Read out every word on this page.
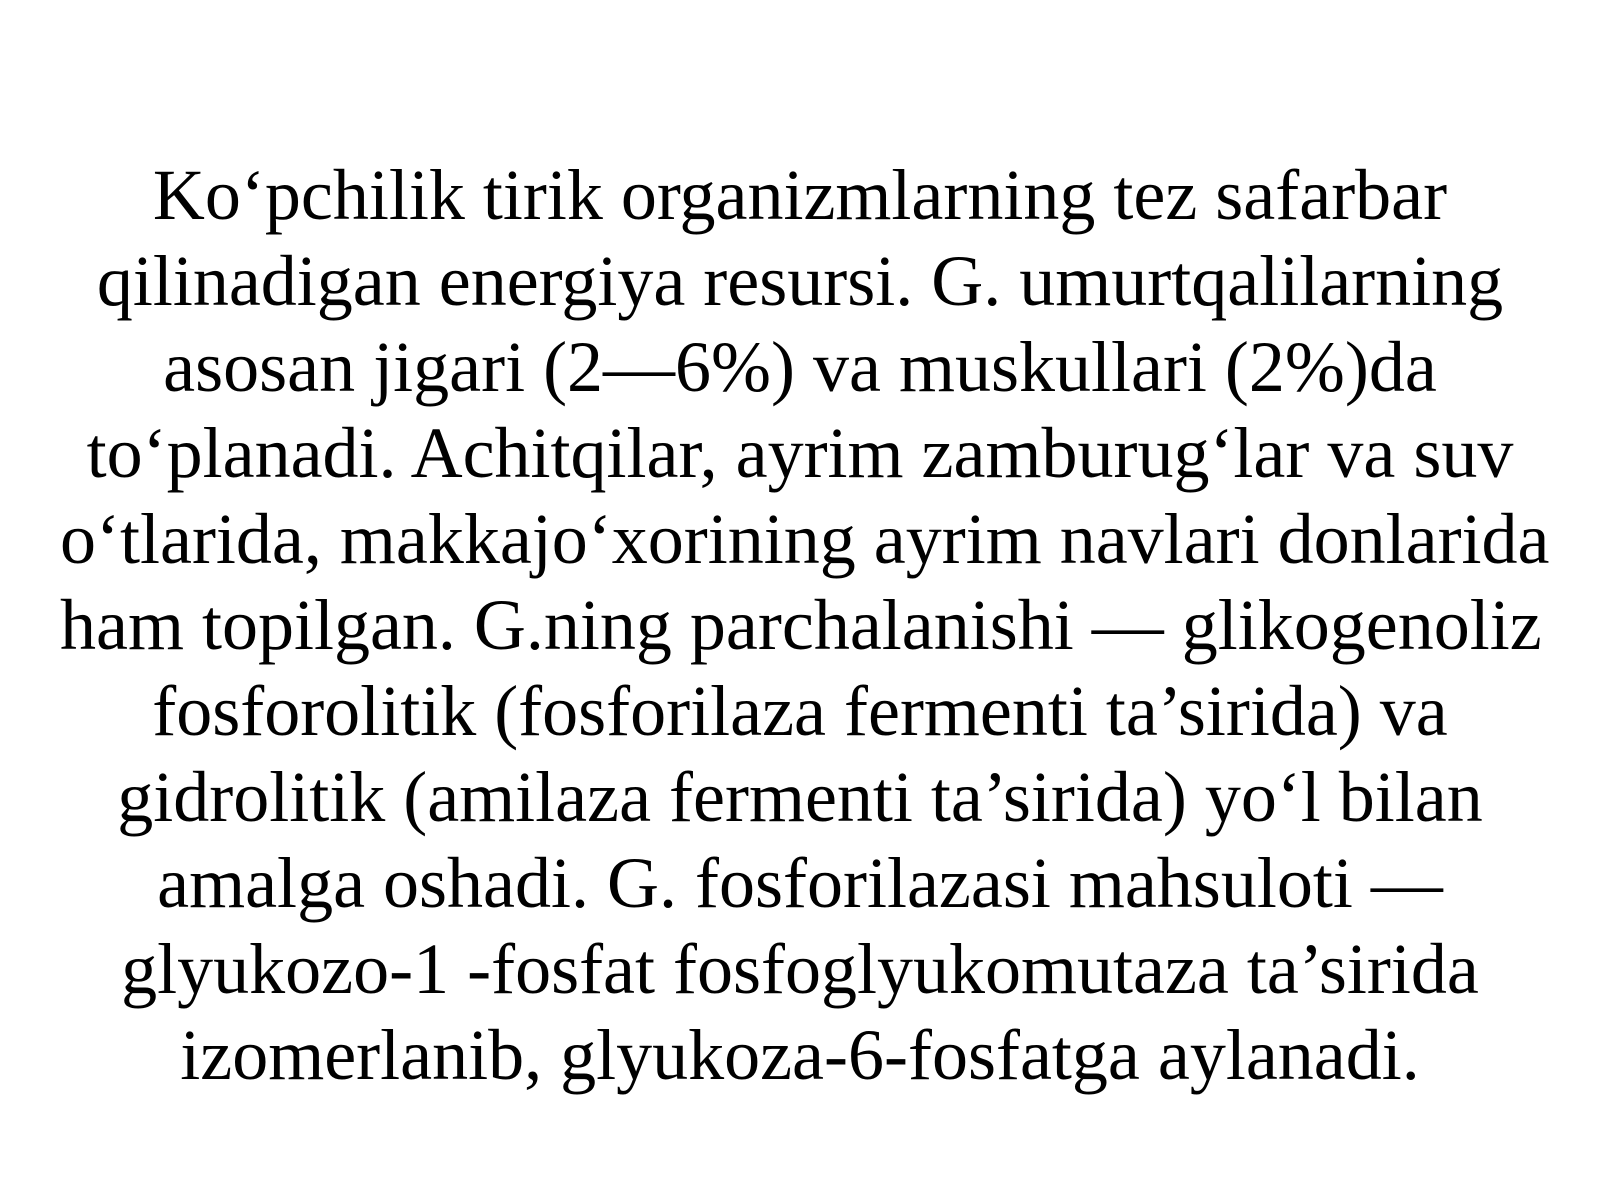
Ko‘pchilik tirik organizmlarning tez safarbar
qilinadigan energiya resursi. G. umurtqalilarning
asosan jigari (2—6%) va muskullari (2%)da
to‘planadi. Achitqilar, ayrim zamburug‘lar va suv
o‘tlarida, makkajo‘xorining ayrim navlari donlarida
ham topilgan. G.ning parchalanishi — glikogenoliz
fosforolitik (fosforilaza fermenti ta’sirida) va
gidrolitik (amilaza fermenti ta’sirida) yo‘l bilan
amalga oshadi. G. fosforilazasi mahsuloti —
glyukozo-1 -fosfat fosfoglyukomutaza ta’sirida
izomerlanib, glyukoza-6-fosfatga aylanadi.
